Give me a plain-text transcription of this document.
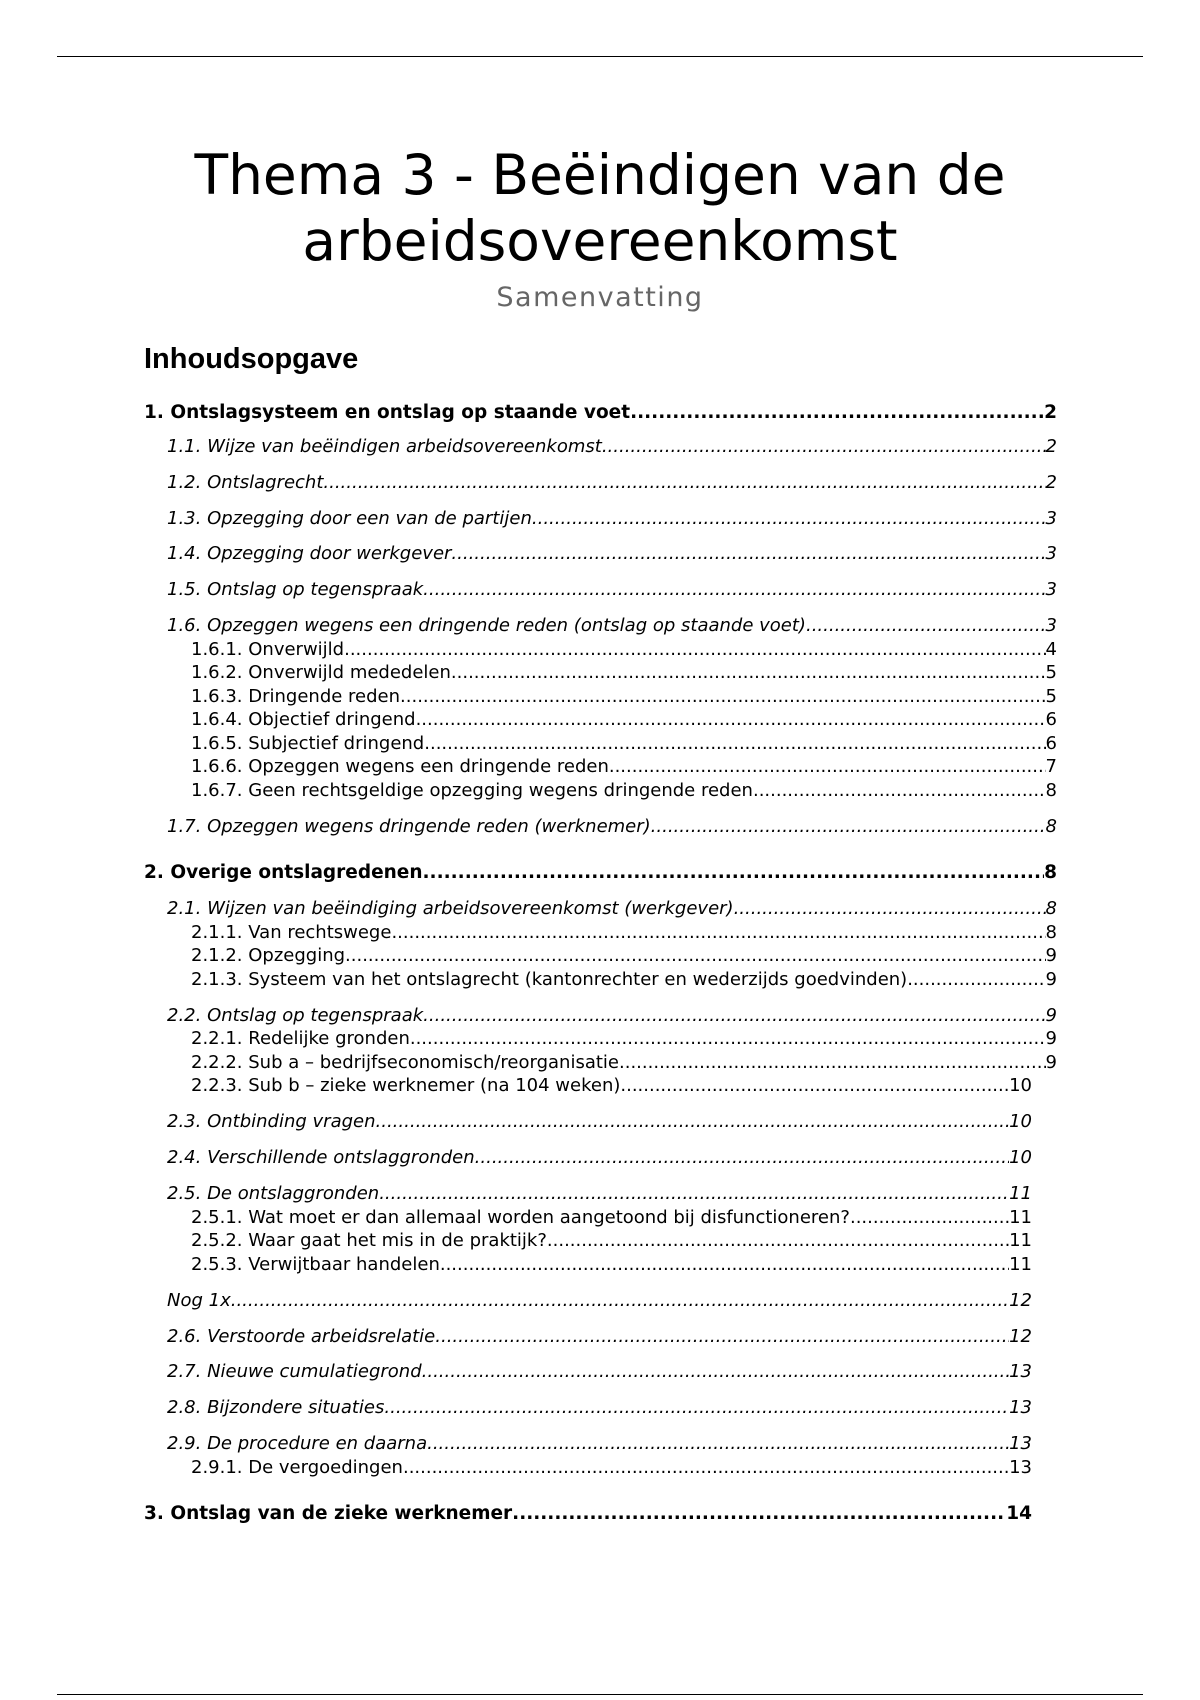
Thema 3 - Beëindigen van de
arbeidsovereenkomst
Samenvatting
Inhoudsopgave
1. Ontslagsysteem en ontslag op staande voet .....	2
1.1. Wijze van beëindigen arbeidsovereenkomst .....	2
1.2. Ontslagrecht .....	2
1.3. Opzegging door een van de partijen .....	3
1.4. Opzegging door werkgever .....	3
1.5. Ontslag op tegenspraak .....	3
1.6. Opzeggen wegens een dringende reden (ontslag op staande voet) .....	3
1.6.1. Onverwijld .....	4
1.6.2. Onverwijld mededelen .....	5
1.6.3. Dringende reden .....	5
1.6.4. Objectief dringend .....	6
1.6.5. Subjectief dringend .....	6
1.6.6. Opzeggen wegens een dringende reden .....	7
1.6.7. Geen rechtsgeldige opzegging wegens dringende reden .....	8
1.7. Opzeggen wegens dringende reden (werknemer) .....	8
2. Overige ontslagredenen .....	8
2.1. Wijzen van beëindiging arbeidsovereenkomst (werkgever) .....	8
2.1.1. Van rechtswege .....	8
2.1.2. Opzegging .....	9
2.1.3. Systeem van het ontslagrecht (kantonrechter en wederzijds goedvinden) .....	9
2.2. Ontslag op tegenspraak .....	9
2.2.1. Redelijke gronden .....	9
2.2.2. Sub a – bedrijfseconomisch/reorganisatie .....	9
2.2.3. Sub b – zieke werknemer (na 104 weken) .....	10
2.3. Ontbinding vragen .....	10
2.4. Verschillende ontslaggronden .....	10
2.5. De ontslaggronden .....	11
2.5.1. Wat moet er dan allemaal worden aangetoond bij disfunctioneren? .....	11
2.5.2. Waar gaat het mis in de praktijk? .....	11
2.5.3. Verwijtbaar handelen .....	11
Nog 1x .....	12
2.6. Verstoorde arbeidsrelatie .....	12
2.7. Nieuwe cumulatiegrond .....	13
2.8. Bijzondere situaties .....	13
2.9. De procedure en daarna .....	13
2.9.1. De vergoedingen .....	13
3. Ontslag van de zieke werknemer .....	14
